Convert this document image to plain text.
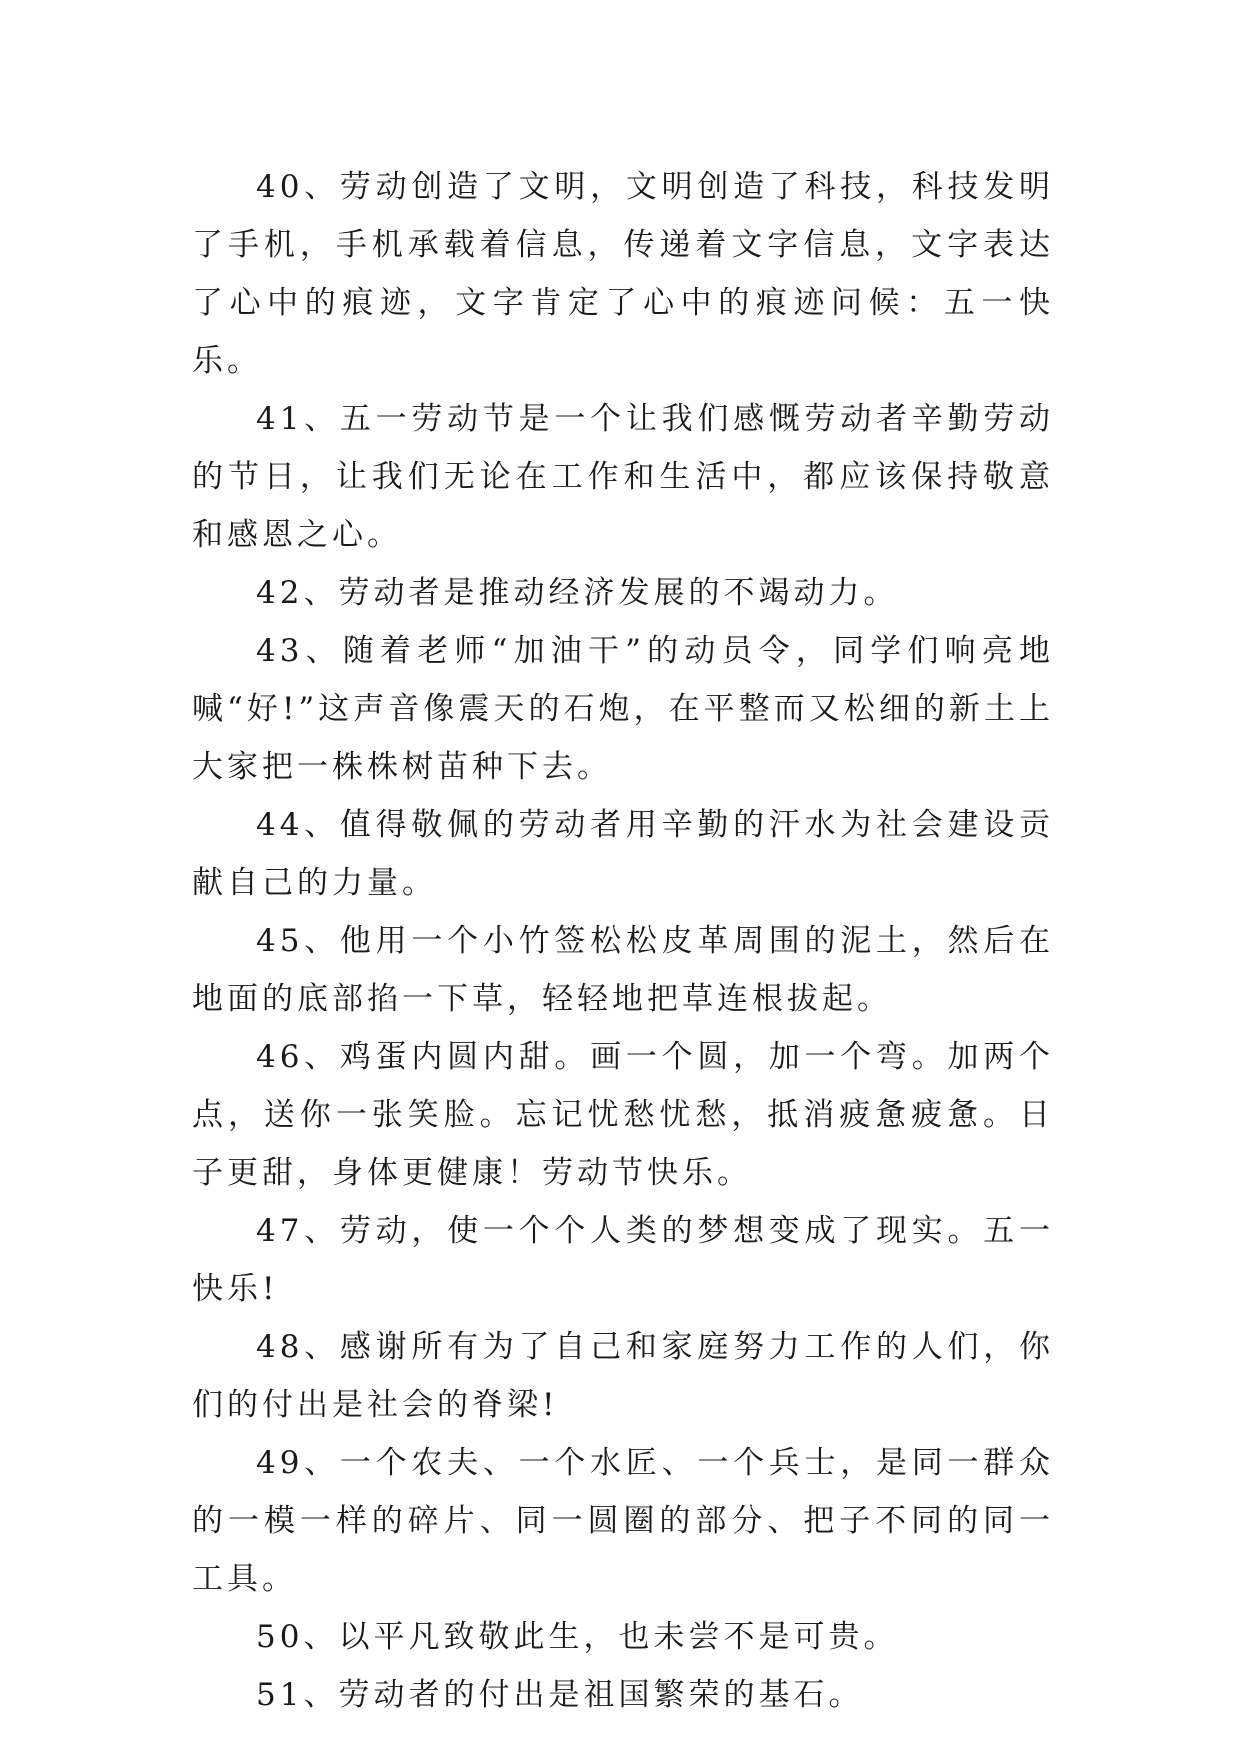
40、劳动创造了文明，文明创造了科技，科技发明了手机，手机承载着信息，传递着文字信息，文字表达了心中的痕迹，文字肯定了心中的痕迹问候：五一快乐。

41、五一劳动节是一个让我们感慨劳动者辛勤劳动的节日，让我们无论在工作和生活中，都应该保持敬意和感恩之心。

42、劳动者是推动经济发展的不竭动力。

43、随着老师“加油干”的动员令，同学们响亮地喊“好!”这声音像震天的石炮，在平整而又松细的新土上大家把一株株树苗种下去。

44、值得敬佩的劳动者用辛勤的汗水为社会建设贡献自己的力量。

45、他用一个小竹签松松皮革周围的泥土，然后在地面的底部掐一下草，轻轻地把草连根拔起。

46、鸡蛋内圆内甜。画一个圆，加一个弯。加两个点，送你一张笑脸。忘记忧愁忧愁，抵消疲惫疲惫。日子更甜，身体更健康！劳动节快乐。

47、劳动，使一个个人类的梦想变成了现实。五一快乐!

48、感谢所有为了自己和家庭努力工作的人们，你们的付出是社会的脊梁!

49、一个农夫、一个水匠、一个兵士，是同一群众的一模一样的碎片、同一圆圈的部分、把子不同的同一工具。

50、以平凡致敬此生，也未尝不是可贵。

51、劳动者的付出是祖国繁荣的基石。
